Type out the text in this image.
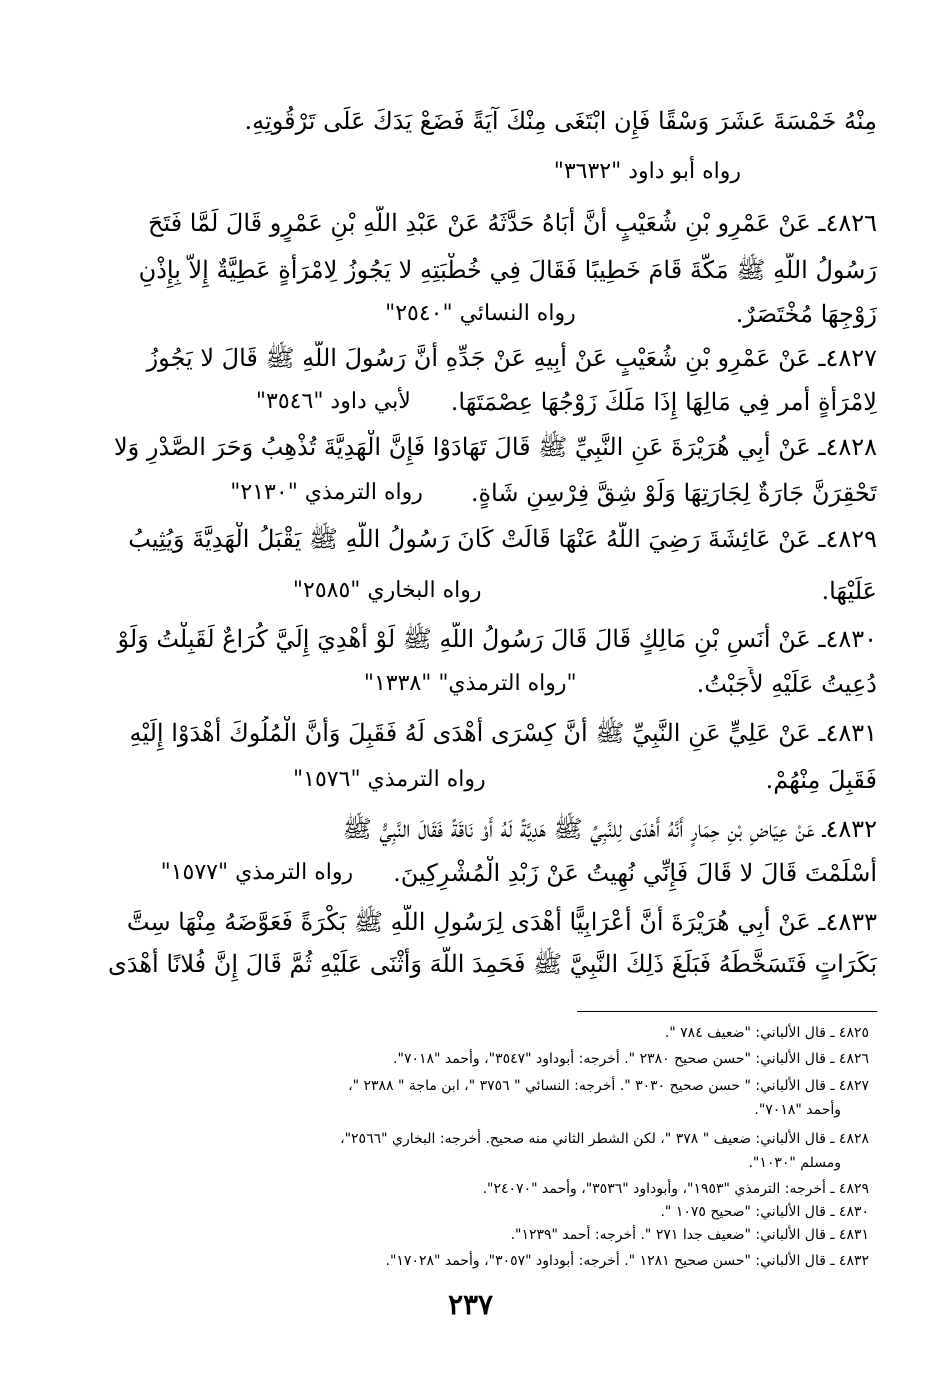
مِنْهُ خَمْسَةَ عَشَرَ وَسْقًا فَإِن ابْتَغَى مِنْكَ آيَةً فَضَعْ يَدَكَ عَلَى تَرْقُوتِهِ.
رواه أبو داود "٣٦٣٢"
٤٨٢٦ـ عَنْ عَمْرِو بْنِ شُعَيْبٍ أَنَّ أَبَاهُ حَدَّثَهُ عَنْ عَبْدِ اللَّهِ بْنِ عَمْرٍو قَالَ لَمَّا فَتَحَ
رَسُولُ اللَّهِ ﷺ مَكَّةَ قَامَ خَطِيبًا فَقَالَ فِي خُطْبَتِهِ لا يَجُوزُ لِامْرَأَةٍ عَطِيَّةٌ إِلاَّ بِإِذْنِ
زَوْجِهَا مُخْتَصَرٌ.
رواه النسائي "٢٥٤٠"
٤٨٢٧ـ عَنْ عَمْرِو بْنِ شُعَيْبٍ عَنْ أَبِيهِ عَنْ جَدِّهِ أَنَّ رَسُولَ اللَّهِ ﷺ قَالَ لا يَجُوزُ
لِامْرَأَةٍ أمر فِي مَالِهَا إِذَا مَلَكَ زَوْجُهَا عِصْمَتَهَا.
لأبي داود "٣٥٤٦"
٤٨٢٨ـ عَنْ أَبِي هُرَيْرَةَ عَنِ النَّبِيِّ ﷺ قَالَ تَهَادَوْا فَإِنَّ الْهَدِيَّةَ تُذْهِبُ وَحَرَ الصَّدْرِ وَلا
تَحْقِرَنَّ جَارَةٌ لِجَارَتِهَا وَلَوْ شِقَّ فِرْسِنِ شَاةٍ.
رواه الترمذي "٢١٣٠"
٤٨٢٩ـ عَنْ عَائِشَةَ رَضِيَ اللَّهُ عَنْهَا قَالَتْ كَانَ رَسُولُ اللَّهِ ﷺ يَقْبَلُ الْهَدِيَّةَ وَيُثِيبُ
عَلَيْهَا.
رواه البخاري "٢٥٨٥"
٤٨٣٠ـ عَنْ أَنَسِ بْنِ مَالِكٍ قَالَ قَالَ رَسُولُ اللَّهِ ﷺ لَوْ أُهْدِيَ إِلَيَّ كُرَاعٌ لَقَبِلْتُ وَلَوْ
دُعِيتُ عَلَيْهِ لأَجَبْتُ.
"رواه الترمذي" "١٣٣٨"
٤٨٣١ـ عَنْ عَلِيٍّ عَنِ النَّبِيِّ ﷺ أَنَّ كِسْرَى أَهْدَى لَهُ فَقَبِلَ وَأَنَّ الْمُلُوكَ أَهْدَوْا إِلَيْهِ
فَقَبِلَ مِنْهُمْ.
رواه الترمذي "١٥٧٦"
٤٨٣٢ـ عَنْ عِيَاضِ بْنِ حِمَارٍ أَنَّهُ أَهْدَى لِلنَّبِيِّ ﷺ هَدِيَّةً لَهُ أَوْ نَاقَةً فَقَالَ النَّبِيُّ ﷺ
أَسْلَمْتَ قَالَ لا قَالَ فَإِنِّي نُهِيتُ عَنْ زَبْدِ الْمُشْرِكِينَ.
رواه الترمذي "١٥٧٧"
٤٨٣٣ـ عَنْ أَبِي هُرَيْرَةَ أَنَّ أَعْرَابِيًّا أَهْدَى لِرَسُولِ اللَّهِ ﷺ بَكْرَةً فَعَوَّضَهُ مِنْهَا سِتَّ
بَكَرَاتٍ فَتَسَخَّطَهُ فَبَلَغَ ذَلِكَ النَّبِيَّ ﷺ فَحَمِدَ اللَّهَ وَأَثْنَى عَلَيْهِ ثُمَّ قَالَ إِنَّ فُلانًا أَهْدَى
٤٨٢٥ ـ قال الألباني: "ضعيف ٧٨٤ ".
٤٨٢٦ ـ قال الألباني: "حسن صحيح ٢٣٨٠ ". أخرجه: أبوداود "٣٥٤٧"، وأحمد "٧٠١٨".
٤٨٢٧ ـ قال الألباني: " حسن صحيح ٣٠٣٠ ". أخرجه: النسائي " ٣٧٥٦ "، ابن ماجة " ٢٣٨٨ "،
وأحمد "٧٠١٨".
٤٨٢٨ ـ قال الألباني: ضعيف " ٣٧٨ "، لكن الشطر الثاني منه صحيح. أخرجه: البخاري "٢٥٦٦"،
ومسلم "١٠٣٠".
٤٨٢٩ ـ أخرجه: الترمذي "١٩٥٣"، وأبوداود "٣٥٣٦"، وأحمد "٢٤٠٧٠".
٤٨٣٠ ـ قال الألباني: "صحيح ١٠٧٥ ".
٤٨٣١ ـ قال الألباني: "ضعيف جدا ٢٧١ ". أخرجه: أحمد "١٢٣٩".
٤٨٣٢ ـ قال الألباني: "حسن صحيح ١٢٨١ ". أخرجه: أبوداود "٣٠٥٧"، وأحمد "١٧٠٢٨".
٢٣٧
